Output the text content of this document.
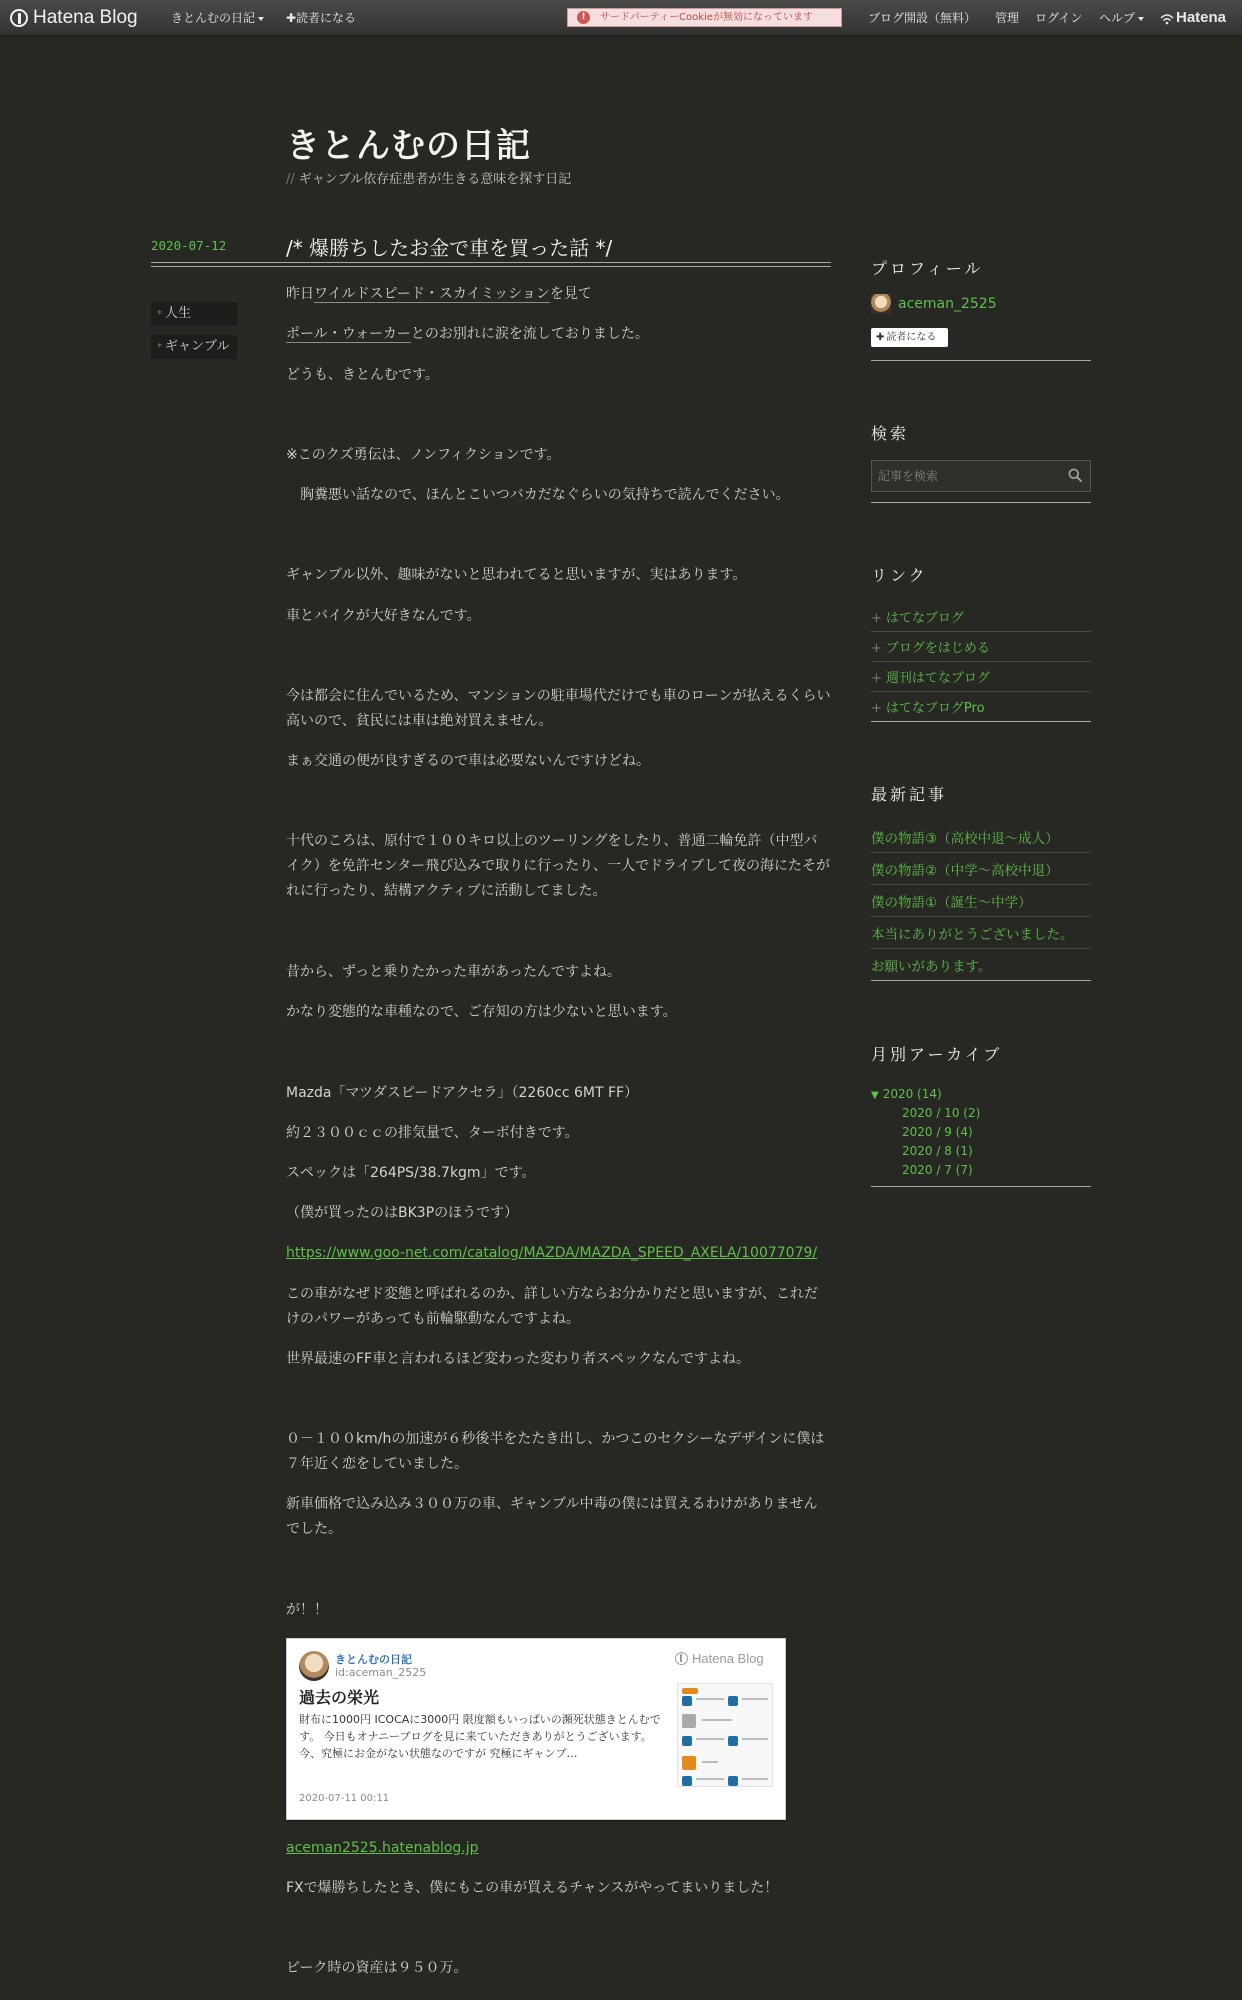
Hatena Blog	きとんむの日記	✚読者になる	!	サードパーティーCookieが無効になっています	ブログ開設（無料） 管理 ログイン ヘルプ	Hatena
きとんむの日記
// ギャンブル依存症患者が生きる意味を探す日記
2020-07-12	/* 爆勝ちしたお金で車を買った話 */
* 人生
* ギャンブル
昨日ワイルドスピード・スカイミッションを見て
ポール・ウォーカーとのお別れに涙を流しておりました。
どうも、きとんむです。
※このクズ勇伝は、ノンフィクションです。
　胸糞悪い話なので、ほんとこいつバカだなぐらいの気持ちで読んでください。
ギャンブル以外、趣味がないと思われてると思いますが、実はあります。
車とバイクが大好きなんです。
今は都会に住んでいるため、マンションの駐車場代だけでも車のローンが払えるくらい高いので、貧民には車は絶対買えません。
まぁ交通の便が良すぎるので車は必要ないんですけどね。
十代のころは、原付で１００キロ以上のツーリングをしたり、普通二輪免許（中型バイク）を免許センター飛び込みで取りに行ったり、一人でドライブして夜の海にたそがれに行ったり、結構アクティブに活動してました。
昔から、ずっと乗りたかった車があったんですよね。
かなり変態的な車種なので、ご存知の方は少ないと思います。
Mazda「マツダスピードアクセラ」（2260cc 6MT FF）
約２３００ｃｃの排気量で、ターボ付きです。
スペックは「264PS/38.7kgm」です。
（僕が買ったのはBK3Pのほうです）
https://www.goo-net.com/catalog/MAZDA/MAZDA_SPEED_AXELA/10077079/
この車がなぜド変態と呼ばれるのか、詳しい方ならお分かりだと思いますが、これだけのパワーがあっても前輪駆動なんですよね。
世界最速のFF車と言われるほど変わった変わり者スペックなんですよね。
０－１００km/hの加速が６秒後半をたたき出し、かつこのセクシーなデザインに僕は７年近く恋をしていました。
新車価格で込み込み３００万の車、ギャンブル中毒の僕には買えるわけがありませんでした。
が！！
きとんむの日記
id:aceman_2525
Hatena Blog
過去の栄光
財布に1000円 ICOCAに3000円 限度額もいっぱいの瀕死状態きとんむです。 今日もオナニーブログを見に来ていただきありがとうございます。 今、究極にお金がない状態なのですが 究極にギャンブ…
2020-07-11 00:11
aceman2525.hatenablog.jp
FXで爆勝ちしたとき、僕にもこの車が買えるチャンスがやってまいりました！
ピーク時の資産は９５０万。
プロフィール
aceman_2525
✚ 読者になる
検索
記事を検索
リンク
+ はてなブログ
+ ブログをはじめる
+ 週刊はてなブログ
+ はてなブログPro
最新記事
僕の物語③（高校中退～成人）
僕の物語②（中学～高校中退）
僕の物語①（誕生～中学）
本当にありがとうございました。
お願いがあります。
月別アーカイブ
▼ 2020 (14)
2020 / 10 (2)
2020 / 9 (4)
2020 / 8 (1)
2020 / 7 (7)
